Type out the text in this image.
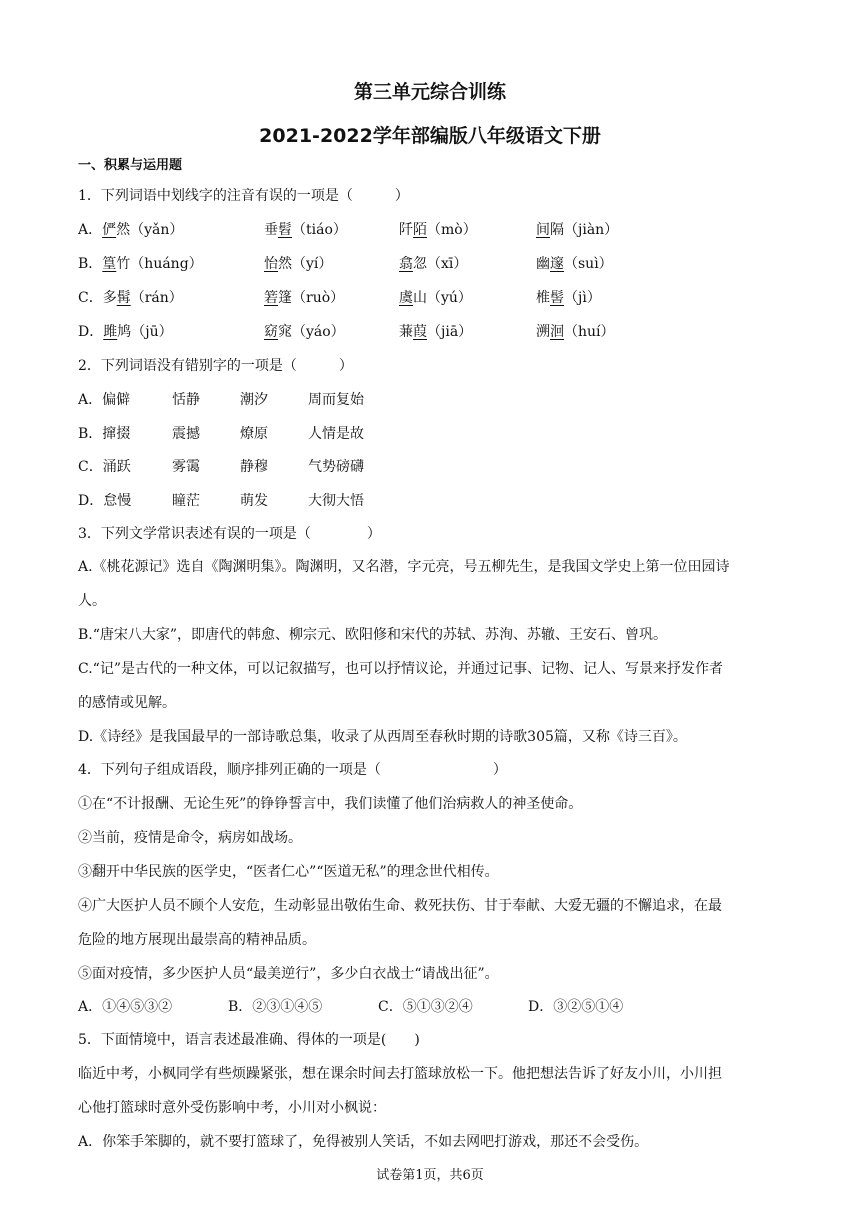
第三单元综合训练
2021-2022学年部编版八年级语文下册
一、积累与运用题
1．下列词语中划线字的注音有误的一项是（　　　）
A．俨然（yǎn）	垂髫（tiáo）	阡陌（mò）	间隔（jiàn）
B．篁竹（huáng）	怡然（yí）	翕忽（xī）	幽邃（suì）
C．多髯（rán）	箬篷（ruò）	虞山（yú）	椎髻（jì）
D．雎鸠（jū）	窈窕（yáo）	蒹葭（jiā）	溯洄（huí）
2．下列词语没有错别字的一项是（　　　）
A．偏僻	恬静	潮汐	周而复始
B．撺掇	震撼	燎原	人情是故
C．涌跃	雾霭	静穆	气势磅礴
D．怠慢	瞳茫	萌发	大彻大悟
3．下列文学常识表述有误的一项是（　　　　）
A.《桃花源记》选自《陶渊明集》。陶渊明，又名潜，字元亮，号五柳先生，是我国文学史上第一位田园诗
人。
B.“唐宋八大家”，即唐代的韩愈、柳宗元、欧阳修和宋代的苏轼、苏洵、苏辙、王安石、曾巩。
C.“记”是古代的一种文体，可以记叙描写，也可以抒情议论，并通过记事、记物、记人、写景来抒发作者
的感情或见解。
D.《诗经》是我国最早的一部诗歌总集，收录了从西周至春秋时期的诗歌305篇，又称《诗三百》。
4．下列句子组成语段，顺序排列正确的一项是（　　　　　　　　）
①在“不计报酬、无论生死”的铮铮誓言中，我们读懂了他们治病救人的神圣使命。
②当前，疫情是命令，病房如战场。
③翻开中华民族的医学史，“医者仁心”“医道无私”的理念世代相传。
④广大医护人员不顾个人安危，生动彰显出敬佑生命、救死扶伤、甘于奉献、大爱无疆的不懈追求，在最
危险的地方展现出最崇高的精神品质。
⑤面对疫情，多少医护人员“最美逆行”，多少白衣战士“请战出征”。
A．①④⑤③②	B．②③①④⑤	C．⑤①③②④	D．③②⑤①④
5．下面情境中，语言表述最准确、得体的一项是(　　)
临近中考，小枫同学有些烦躁紧张，想在课余时间去打篮球放松一下。他把想法告诉了好友小川，小川担
心他打篮球时意外受伤影响中考，小川对小枫说：
A．你笨手笨脚的，就不要打篮球了，免得被别人笑话，不如去网吧打游戏，那还不会受伤。
试卷第1页，共6页
